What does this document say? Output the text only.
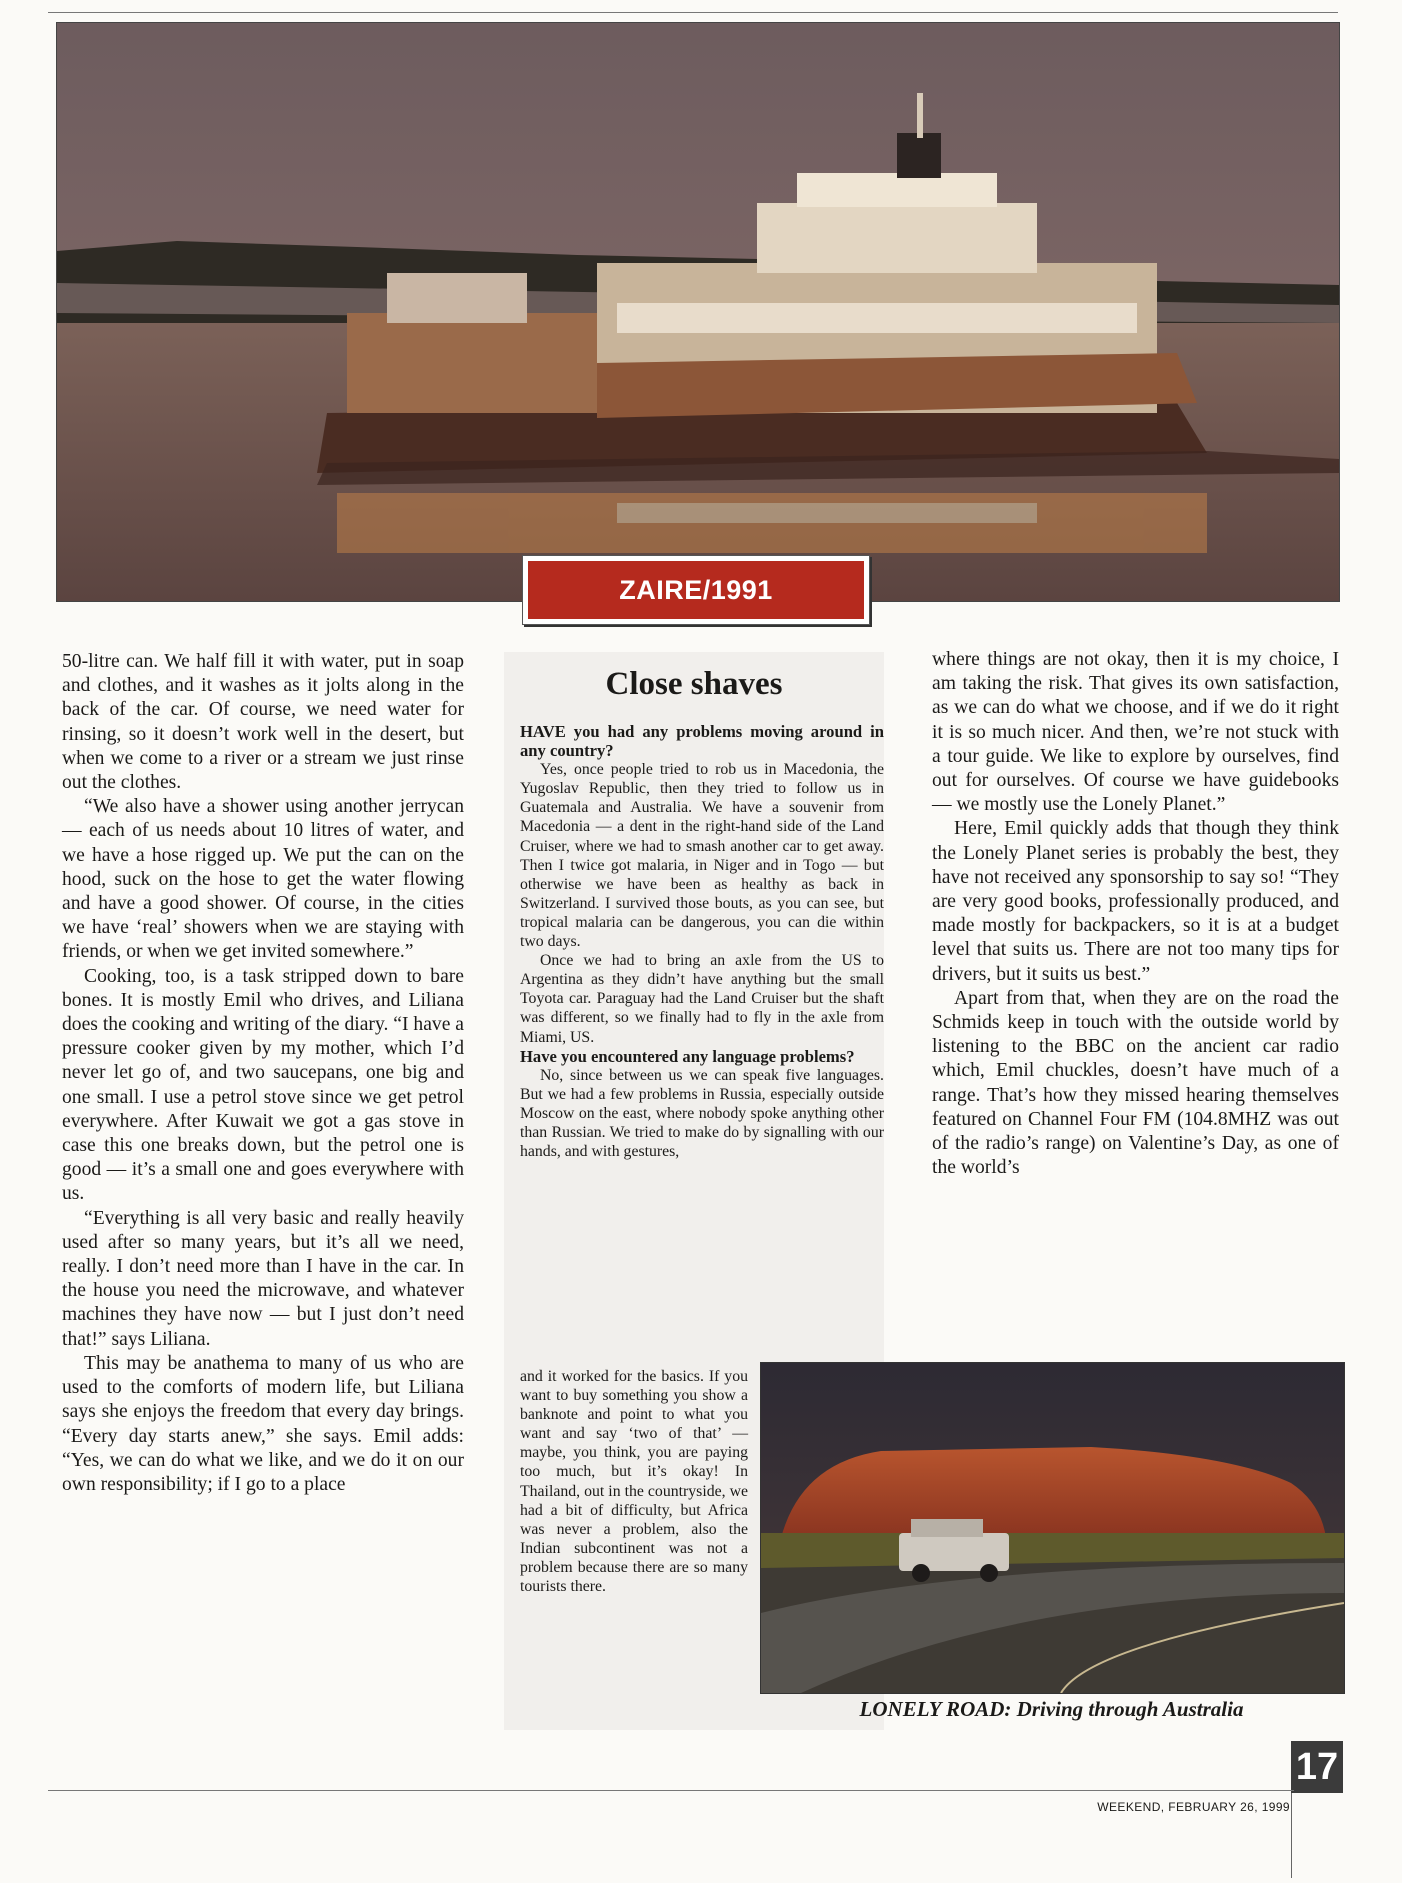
ZAIRE/1991

50-litre can. We half fill it with water, put in soap and clothes, and it washes as it jolts along in the back of the car. Of course, we need water for rinsing, so it doesn’t work well in the desert, but when we come to a river or a stream we just rinse out the clothes.

“We also have a shower using another jerrycan — each of us needs about 10 litres of water, and we have a hose rigged up. We put the can on the hood, suck on the hose to get the water flowing and have a good shower. Of course, in the cities we have ‘real’ showers when we are staying with friends, or when we get invited somewhere.”

Cooking, too, is a task stripped down to bare bones. It is mostly Emil who drives, and Liliana does the cooking and writing of the diary. “I have a pressure cooker given by my mother, which I’d never let go of, and two saucepans, one big and one small. I use a petrol stove since we get petrol everywhere. After Kuwait we got a gas stove in case this one breaks down, but the petrol one is good — it’s a small one and goes everywhere with us.

“Everything is all very basic and really heavily used after so many years, but it’s all we need, really. I don’t need more than I have in the car. In the house you need the microwave, and whatever machines they have now — but I just don’t need that!” says Liliana.

This may be anathema to many of us who are used to the comforts of modern life, but Liliana says she enjoys the freedom that every day brings. “Every day starts anew,” she says. Emil adds: “Yes, we can do what we like, and we do it on our own responsibility; if I go to a place

Close shaves

HAVE you had any problems moving around in any country?

Yes, once people tried to rob us in Macedonia, the Yugoslav Republic, then they tried to follow us in Guatemala and Australia. We have a souvenir from Macedonia — a dent in the right-hand side of the Land Cruiser, where we had to smash another car to get away. Then I twice got malaria, in Niger and in Togo — but otherwise we have been as healthy as back in Switzerland. I survived those bouts, as you can see, but tropical malaria can be dangerous, you can die within two days.

Once we had to bring an axle from the US to Argentina as they didn’t have anything but the small Toyota car. Paraguay had the Land Cruiser but the shaft was different, so we finally had to fly in the axle from Miami, US.

Have you encountered any language problems?

No, since between us we can speak five languages. But we had a few problems in Russia, especially outside Moscow on the east, where nobody spoke anything other than Russian. We tried to make do by signalling with our hands, and with gestures,

and it worked for the basics. If you want to buy something you show a banknote and point to what you want and say ‘two of that’ — maybe, you think, you are paying too much, but it’s okay! In Thailand, out in the countryside, we had a bit of difficulty, but Africa was never a problem, also the Indian subcontinent was not a problem because there are so many tourists there.

where things are not okay, then it is my choice, I am taking the risk. That gives its own satisfaction, as we can do what we choose, and if we do it right it is so much nicer. And then, we’re not stuck with a tour guide. We like to explore by ourselves, find out for ourselves. Of course we have guidebooks — we mostly use the Lonely Planet.”

Here, Emil quickly adds that though they think the Lonely Planet series is probably the best, they have not received any sponsorship to say so! “They are very good books, professionally produced, and made mostly for backpackers, so it is at a budget level that suits us. There are not too many tips for drivers, but it suits us best.”

Apart from that, when they are on the road the Schmids keep in touch with the outside world by listening to the BBC on the ancient car radio which, Emil chuckles, doesn’t have much of a range. That’s how they missed hearing themselves featured on Channel Four FM (104.8MHZ was out of the radio’s range) on Valentine’s Day, as one of the world’s

LONELY ROAD: Driving through Australia
17
WEEKEND, FEBRUARY 26, 1999
